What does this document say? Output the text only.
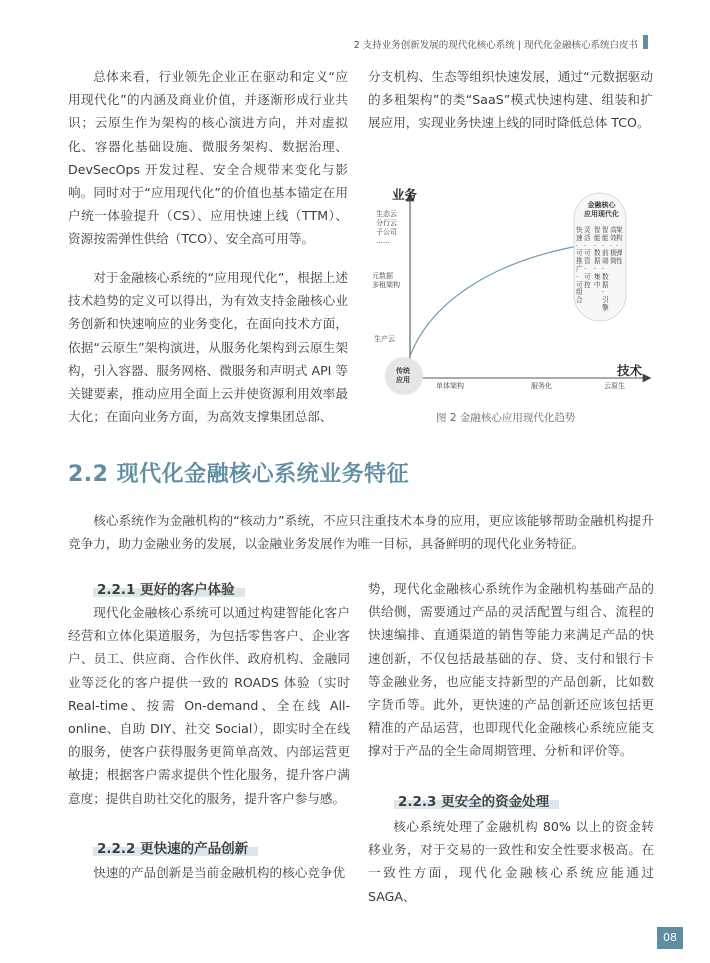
2 支持业务创新发展的现代化核心系统 | 现代化金融核心系统白皮书

总体来看，行业领先企业正在驱动和定义“应用现代化”的内涵及商业价值，并逐渐形成行业共识；云原生作为架构的核心演进方向，并对虚拟化、容器化基础设施、微服务架构、数据治理、DevSecOps 开发过程、安全合规带来变化与影响。同时对于“应用现代化”的价值也基本锚定在用户统一体验提升（CS）、应用快速上线（TTM）、资源按需弹性供给（TCO）、安全高可用等。

对于金融核心系统的“应用现代化”，根据上述技术趋势的定义可以得出，为有效支持金融核心业务创新和快速响应的业务变化，在面向技术方面，依据“云原生”架构演进，从服务化架构到云原生架构，引入容器、服务网格、微服务和声明式 API 等关键要素，推动应用全面上云并使资源利用效率最大化；在面向业务方面，为高效支撑集团总部、

分支机构、生态等组织快速发展，通过“元数据驱动的多租架构”的类“SaaS”模式快速构建、组装和扩展应用，实现业务快速上线的同时降低总体 TCO。

业务
技术
生态云
分行云
子公司
……
元数据
多租架构
生产云
单体架构	服务化	云原生
传统
应用
金融核心
应用现代化
高效·极简
架构·弹性
智能·数据·集中
灵活·可管·可控
智能·前端·数据·引擎
快速·可推广·可组合
图 2 金融核心应用现代化趋势
2.2 现代化金融核心系统业务特征

核心系统作为金融机构的“核动力”系统，不应只注重技术本身的应用，更应该能够帮助金融机构提升竞争力，助力金融业务的发展，以金融业务发展作为唯一目标，具备鲜明的现代化业务特征。

2.2.1 更好的客户体验

现代化金融核心系统可以通过构建智能化客户经营和立体化渠道服务，为包括零售客户、企业客户、员工、供应商、合作伙伴、政府机构、金融同业等泛化的客户提供一致的 ROADS 体验（实时 Real-time、按需 On-demand、全在线 All-online、自助 DIY、社交 Social），即实时全在线的服务，使客户获得服务更简单高效、内部运营更敏捷；根据客户需求提供个性化服务，提升客户满意度；提供自助社交化的服务，提升客户参与感。

2.2.2 更快速的产品创新

快速的产品创新是当前金融机构的核心竞争优

势，现代化金融核心系统作为金融机构基础产品的供给侧，需要通过产品的灵活配置与组合、流程的快速编排、直通渠道的销售等能力来满足产品的快速创新，不仅包括最基础的存、贷、支付和银行卡等金融业务，也应能支持新型的产品创新，比如数字货币等。此外，更快速的产品创新还应该包括更精准的产品运营，也即现代化金融核心系统应能支撑对于产品的全生命周期管理、分析和评价等。

2.2.3 更安全的资金处理

核心系统处理了金融机构 80% 以上的资金转移业务，对于交易的一致性和安全性要求极高。在一致性方面，现代化金融核心系统应能通过 SAGA、

08
